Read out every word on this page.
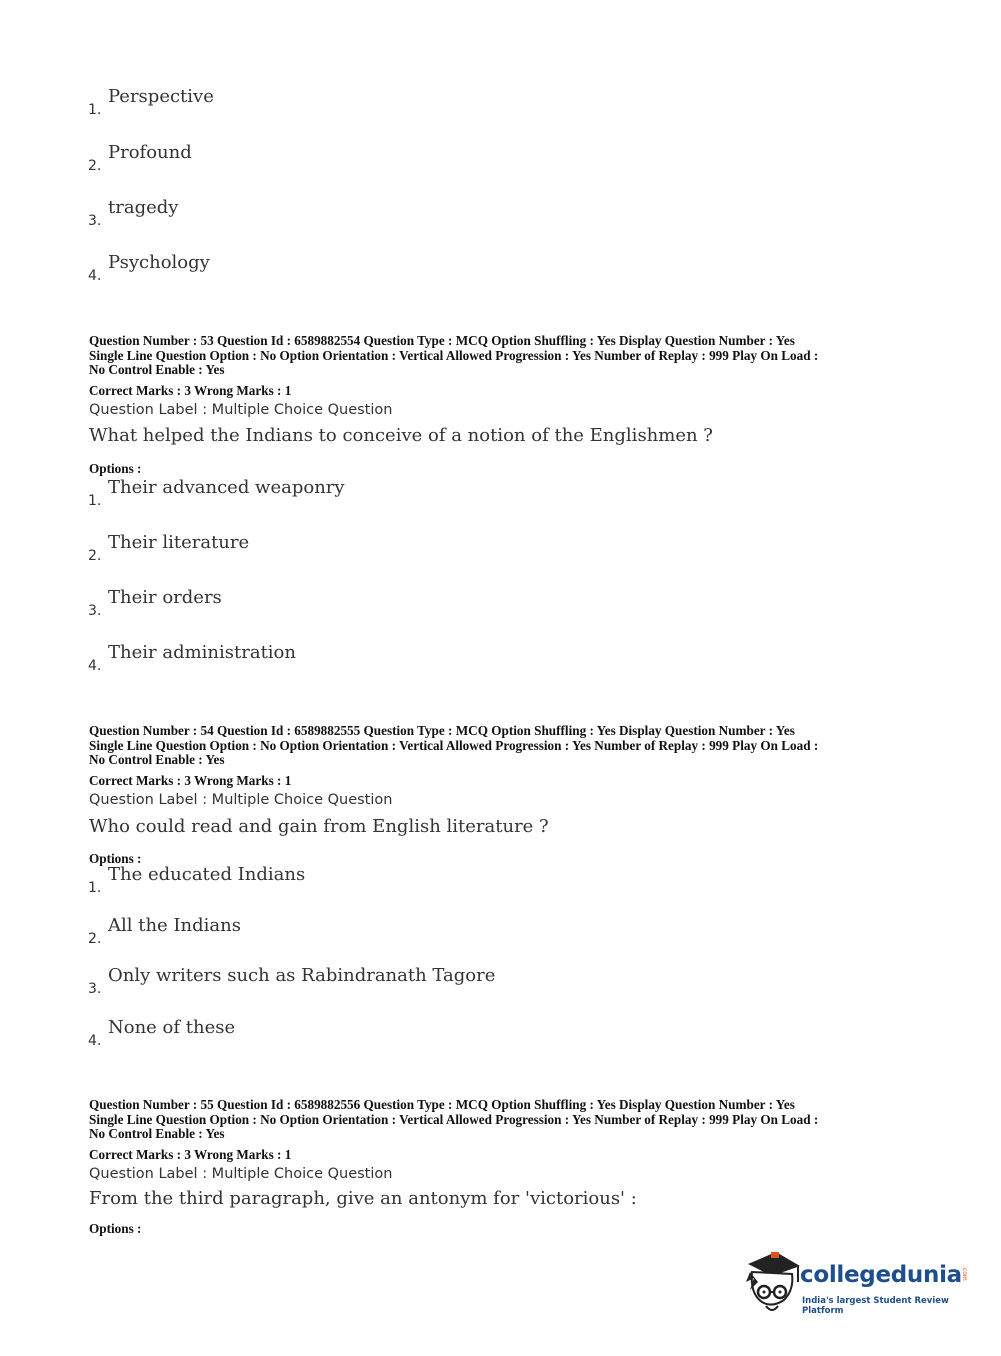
1.
Perspective
2.
Profound
3.
tragedy
4.
Psychology
Question Number : 53 Question Id : 6589882554 Question Type : MCQ Option Shuffling : Yes Display Question Number : Yes
Single Line Question Option : No Option Orientation : Vertical Allowed Progression : Yes Number of Replay : 999 Play On Load :
No Control Enable : Yes
Correct Marks : 3 Wrong Marks : 1
Question Label : Multiple Choice Question
What helped the Indians to conceive of a notion of the Englishmen ?
Options :
1.
Their advanced weaponry
2.
Their literature
3.
Their orders
4.
Their administration
Question Number : 54 Question Id : 6589882555 Question Type : MCQ Option Shuffling : Yes Display Question Number : Yes
Single Line Question Option : No Option Orientation : Vertical Allowed Progression : Yes Number of Replay : 999 Play On Load :
No Control Enable : Yes
Correct Marks : 3 Wrong Marks : 1
Question Label : Multiple Choice Question
Who could read and gain from English literature ?
Options :
1.
The educated Indians
2.
All the Indians
3.
Only writers such as Rabindranath Tagore
4.
None of these
Question Number : 55 Question Id : 6589882556 Question Type : MCQ Option Shuffling : Yes Display Question Number : Yes
Single Line Question Option : No Option Orientation : Vertical Allowed Progression : Yes Number of Replay : 999 Play On Load :
No Control Enable : Yes
Correct Marks : 3 Wrong Marks : 1
Question Label : Multiple Choice Question
From the third paragraph, give an antonym for 'victorious' :
Options :
collegedunia .com
India's largest Student Review Platform
